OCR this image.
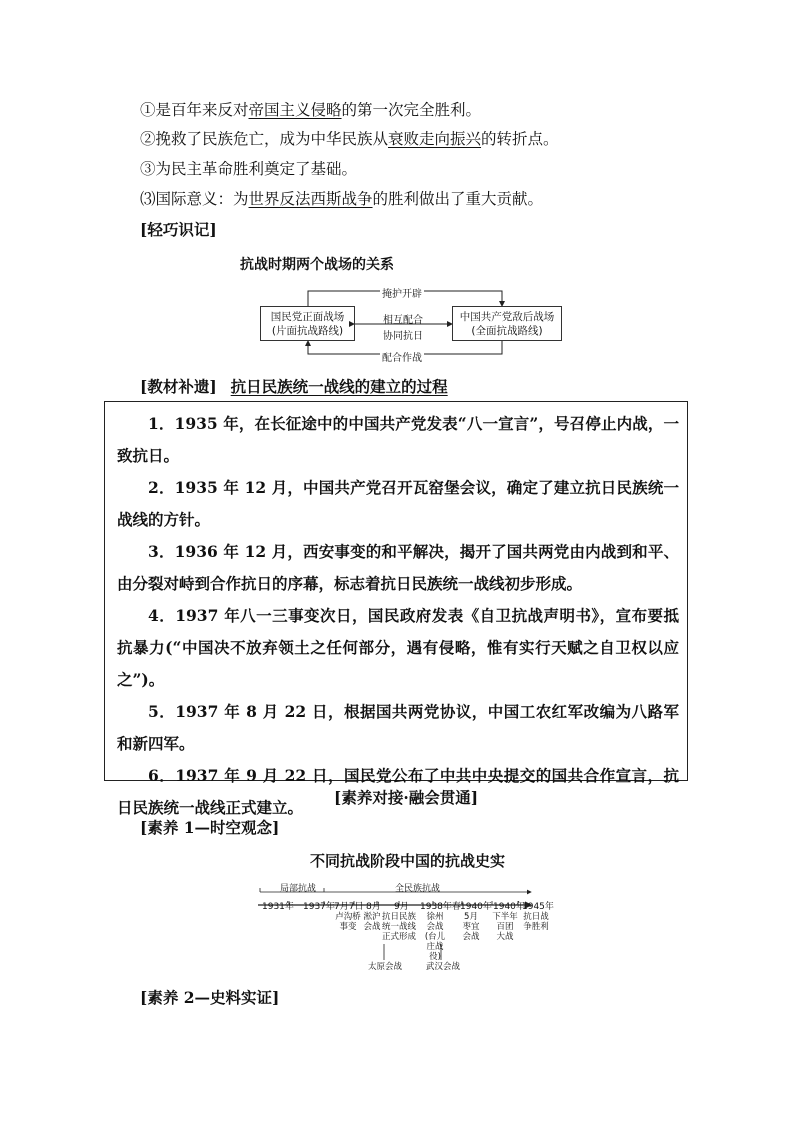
①是百年来反对帝国主义侵略的第一次完全胜利。
②挽救了民族危亡，成为中华民族从衰败走向振兴的转折点。
③为民主革命胜利奠定了基础。
⑶国际意义：为世界反法西斯战争的胜利做出了重大贡献。
[轻巧识记]
抗战时期两个战场的关系
国民党正面战场
(片面抗战路线)
中国共产党敌后战场
(全面抗战路线)
掩护开辟
相互配合
协同抗日
配合作战
[教材补遗] 抗日民族统一战线的建立的过程

1．1935 年，在长征途中的中国共产党发表“八一宣言”，号召停止内战，一致抗日。

2．1935 年 12 月，中国共产党召开瓦窑堡会议，确定了建立抗日民族统一战线的方针。

3．1936 年 12 月，西安事变的和平解决，揭开了国共两党由内战到和平、由分裂对峙到合作抗日的序幕，标志着抗日民族统一战线初步形成。

4．1937 年八一三事变次日，国民政府发表《自卫抗战声明书》，宣布要抵抗暴力(“中国决不放弃领土之任何部分，遇有侵略，惟有实行天赋之自卫权以应之”)。

5．1937 年 8 月 22 日，根据国共两党协议，中国工农红军改编为八路军和新四军。

6．1937 年 9 月 22 日，国民党公布了中共中央提交的国共合作宣言，抗日民族统一战线正式建立。

[素养对接·融会贯通]
[素养 1—时空观念]
不同抗战阶段中国的抗战史实
局部抗战	全民族抗战
1931年 1937年 7月7日 8月 9月 1938年春 1940年 1940年
1945年
卢沟桥
事变
淞沪
会战
抗日民族
统一战线
正式形成
徐州
会战
(台儿
庄战役)
5月
枣宜
会战
下半年
百团
大战
抗日战
争胜利
太原会战	武汉会战
[素养 2—史料实证]
